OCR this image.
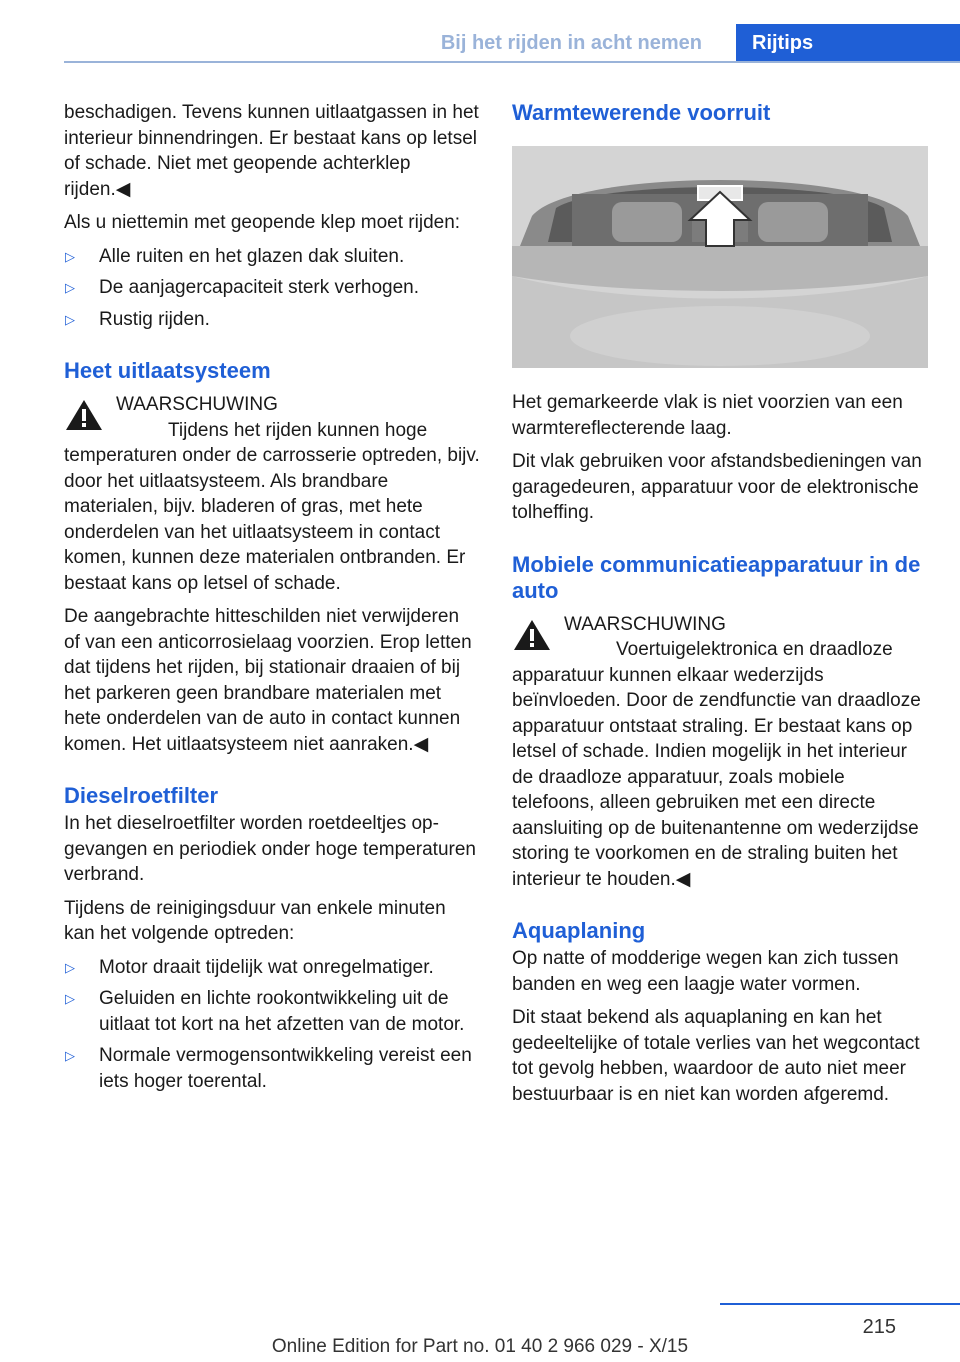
Bij het rijden in acht nemen	Rijtips

beschadigen. Tevens kunnen uitlaatgassen in het interieur binnendringen. Er bestaat kans op letsel of schade. Niet met geopende achterklep rijden.◀

Als u niettemin met geopende klep moet rijden:

▷ Alle ruiten en het glazen dak sluiten.
▷ De aanjagercapaciteit sterk verhogen.
▷ Rustig rijden.
Heet uitlaatsysteem
WAARSCHUWING
Tijdens het rijden kunnen hoge temperaturen onder de carrosserie optreden, bijv. door het uitlaatsysteem. Als brandbare materialen, bijv. bladeren of gras, met hete onderdelen van het uitlaatsysteem in contact komen, kunnen deze materialen ontbranden. Er bestaat kans op letsel of schade.

De aangebrachte hitteschilden niet verwijderen of van een anticorrosielaag voorzien. Erop letten dat tijdens het rijden, bij stationair draaien of bij het parkeren geen brandbare materialen met hete onderdelen van de auto in contact kunnen komen. Het uitlaatsysteem niet aanraken.◀

Dieselroetfilter

In het dieselroetfilter worden roetdeeltjes opgevangen en periodiek onder hoge temperaturen verbrand.

Tijdens de reinigingsduur van enkele minuten kan het volgende optreden:

▷ Motor draait tijdelijk wat onregelmatiger.
▷ Geluiden en lichte rookontwikkeling uit de uitlaat tot kort na het afzetten van de motor.
▷ Normale vermogensontwikkeling vereist een iets hoger toerental.
Warmtewerende voorruit

Het gemarkeerde vlak is niet voorzien van een warmtereflecterende laag.

Dit vlak gebruiken voor afstandsbedieningen van garagedeuren, apparatuur voor de elektronische tolheffing.

Mobiele communicatieapparatuur in de auto
WAARSCHUWING
Voertuigelektronica en draadloze apparatuur kunnen elkaar wederzijds beïnvloeden. Door de zendfunctie van draadloze apparatuur ontstaat straling. Er bestaat kans op letsel of schade. Indien mogelijk in het interieur de draadloze apparatuur, zoals mobiele telefoons, alleen gebruiken met een directe aansluiting op de buitenantenne om wederzijdse storing te voorkomen en de straling buiten het interieur te houden.◀
Aquaplaning

Op natte of modderige wegen kan zich tussen banden en weg een laagje water vormen.

Dit staat bekend als aquaplaning en kan het gedeeltelijke of totale verlies van het wegcontact tot gevolg hebben, waardoor de auto niet meer bestuurbaar is en niet kan worden afgeremd.

215
Online Edition for Part no. 01 40 2 966 029 - X/15
